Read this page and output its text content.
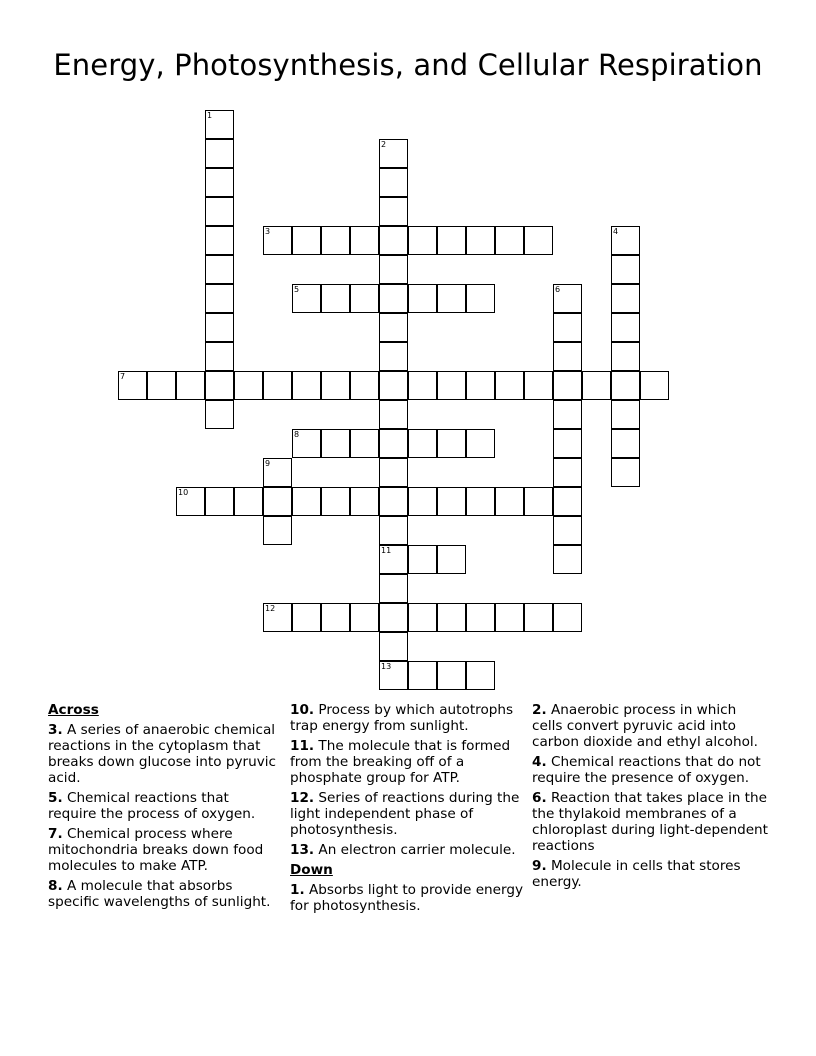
Energy, Photosynthesis, and Cellular Respiration
1
2
11
13
3	4
5	6
7
8
9
10
12
Across
3. A series of anaerobic chemical reactions in the cytoplasm that breaks down glucose into pyruvic acid.
5. Chemical reactions that require the process of oxygen.
7. Chemical process where mitochondria breaks down food molecules to make ATP.
8. A molecule that absorbs specific wavelengths of sunlight.
10. Process by which autotrophs trap energy from sunlight.
11. The molecule that is formed from the breaking off of a phosphate group for ATP.
12. Series of reactions during the light independent phase of photosynthesis.
13. An electron carrier molecule.
Down
1. Absorbs light to provide energy for photosynthesis.
2. Anaerobic process in which cells convert pyruvic acid into carbon dioxide and ethyl alcohol.
4. Chemical reactions that do not require the presence of oxygen.
6. Reaction that takes place in the the thylakoid membranes of a chloroplast during light-dependent reactions
9. Molecule in cells that stores energy.
